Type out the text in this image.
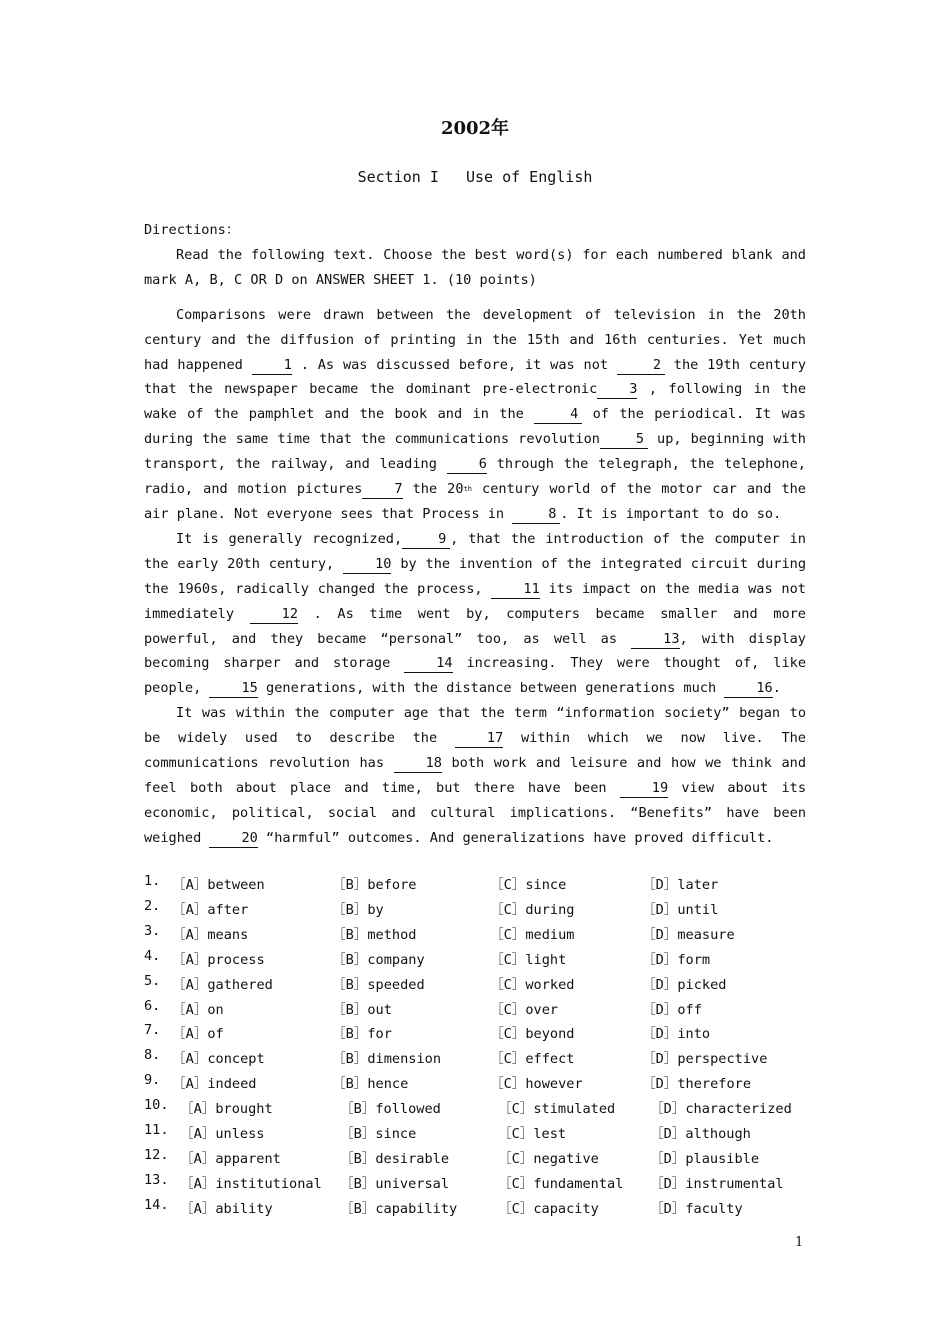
2002年
Section I   Use of English

Directions：

Read the following text. Choose the best word(s) for each numbered blank and mark A, B, C OR D on ANSWER SHEET 1. (10 points)

Comparisons were drawn between the development of television in the 20th century and the diffusion of printing in the 15th and 16th centuries. Yet much had happened 1 . As was discussed before, it was not	2 the 19th century that the newspaper became the dominant pre-electronic 3 , following in the wake of the pamphlet and the book and in the	4 of the periodical. It was during the same time that the communications revolution	5 up, beginning with transport, the railway, and leading 6 through the telegraph, the telephone, radio, and motion pictures 7 the 20th century world of the motor car and the air plane. Not everyone sees that Process in	8 . It is important to do so.

It is generally recognized,	9 , that the introduction of the computer in the early 20th century, 10 by the invention of the integrated circuit during the 1960s, radically changed the process, 11 its impact on the media was not immediately 12 . As time went by, computers became smaller and more powerful, and they became “personal” too, as well as 13, with display becoming sharper and storage 14 increasing. They were thought of, like people, 15 generations, with the distance between generations much 16.

It was within the computer age that the term “information society” began to be widely used to describe the 17 within which we now live. The communications revolution has 18 both work and leisure and how we think and feel both about place and time, but there have been 19 view about its economic, political, social and cultural implications. “Benefits” have been weighed 20 “harmful” outcomes. And generalizations have proved difficult.

1. ［A］between	［B］before	［C］since	［D］later
2. ［A］after	［B］by	［C］during	［D］until
3. ［A］means	［B］method	［C］medium	［D］measure
4. ［A］process	［B］company	［C］light	［D］form
5. ［A］gathered	［B］speeded	［C］worked	［D］picked
6. ［A］on	［B］out	［C］over	［D］off
7. ［A］of	［B］for	［C］beyond	［D］into
8. ［A］concept	［B］dimension	［C］effect	［D］perspective
9. ［A］indeed	［B］hence	［C］however	［D］therefore
10. ［A］brought	［B］followed	［C］stimulated	［D］characterized
11. ［A］unless	［B］since	［C］lest	［D］although
12. ［A］apparent	［B］desirable	［C］negative	［D］plausible
13. ［A］institutional ［B］universal	［C］fundamental ［D］instrumental
14. ［A］ability	［B］capability	［C］capacity	［D］faculty
1
